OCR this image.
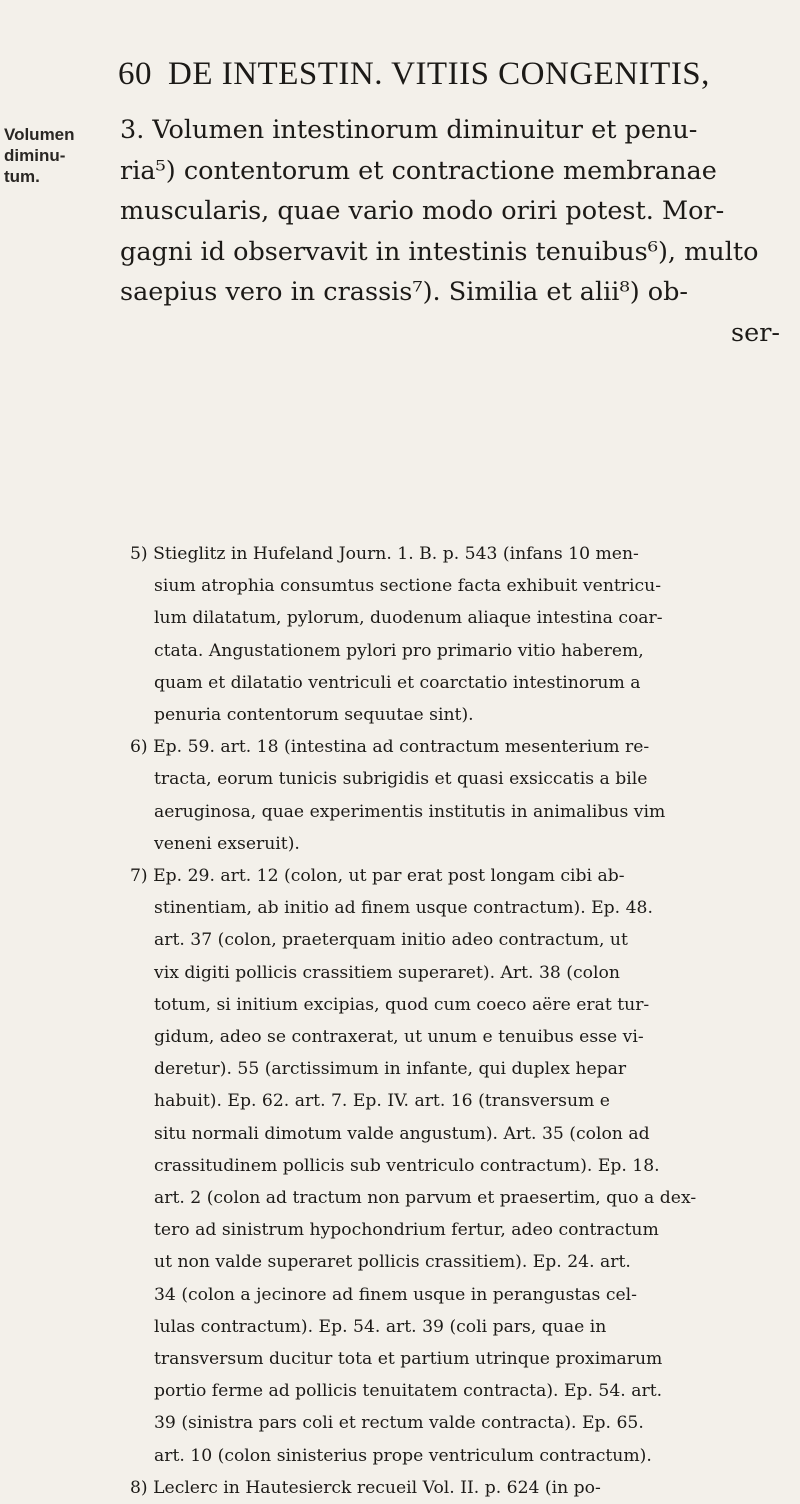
60 DE INTESTIN. VITIIS CONGENITIS,
Volumen
diminu-
tum.
3. Volumen intestinorum diminuitur et penu-
ria⁵) contentorum et contractione membranae
muscularis, quae vario modo oriri potest. Mor-
gagni id observavit in intestinis tenuibus⁶), multo
saepius vero in crassis⁷). Similia et alii⁸) ob-
ser-
5) Stieglitz in Hufeland Journ. 1. B. p. 543 (infans 10 men-
sium atrophia consumtus sectione facta exhibuit ventricu-
lum dilatatum, pylorum, duodenum aliaque intestina coar-
ctata. Angustationem pylori pro primario vitio haberem,
quam et dilatatio ventriculi et coarctatio intestinorum a
penuria contentorum sequutae sint).
6) Ep. 59. art. 18 (intestina ad contractum mesenterium re-
tracta, eorum tunicis subrigidis et quasi exsiccatis a bile
aeruginosa, quae experimentis institutis in animalibus vim
veneni exseruit).
7) Ep. 29. art. 12 (colon, ut par erat post longam cibi ab-
stinentiam, ab initio ad finem usque contractum). Ep. 48.
art. 37 (colon, praeterquam initio adeo contractum, ut
vix digiti pollicis crassitiem superaret). Art. 38 (colon
totum, si initium excipias, quod cum coeco aëre erat tur-
gidum, adeo se contraxerat, ut unum e tenuibus esse vi-
deretur). 55 (arctissimum in infante, qui duplex hepar
habuit). Ep. 62. art. 7. Ep. IV. art. 16 (transversum e
situ normali dimotum valde angustum). Art. 35 (colon ad
crassitudinem pollicis sub ventriculo contractum). Ep. 18.
art. 2 (colon ad tractum non parvum et praesertim, quo a dex-
tero ad sinistrum hypochondrium fertur, adeo contractum
ut non valde superaret pollicis crassitiem). Ep. 24. art.
34 (colon a jecinore ad finem usque in perangustas cel-
lulas contractum). Ep. 54. art. 39 (coli pars, quae in
transversum ducitur tota et partium utrinque proximarum
portio ferme ad pollicis tenuitatem contracta). Ep. 54. art.
39 (sinistra pars coli et rectum valde contracta). Ep. 65.
art. 10 (colon sinisterius prope ventriculum contractum).
8) Leclerc in Hautesierck recueil Vol. II. p. 624 (in po-
